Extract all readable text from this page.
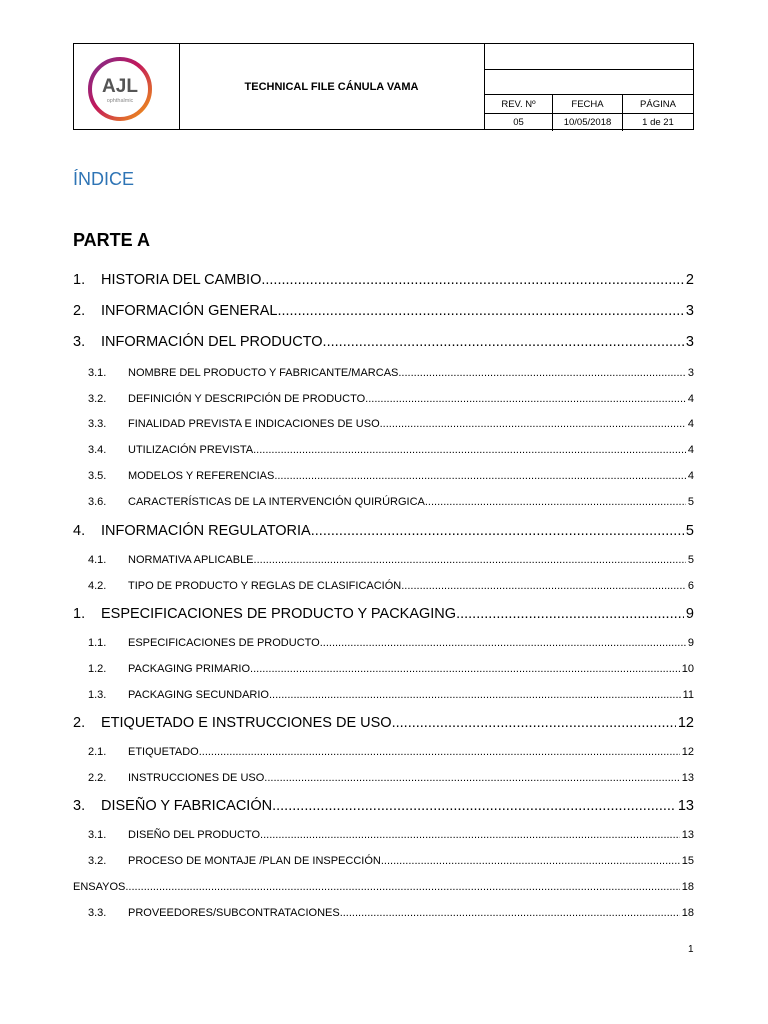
AJL
ophthalmic
TECHNICAL FILE CÁNULA VAMA
REV. Nº	FECHA	PÁGINA
05	10/05/2018	1 de 21
ÍNDICE
PARTE A
1.	HISTORIA DEL CAMBIO .....	2
2.	INFORMACIÓN GENERAL .....	3
3.	INFORMACIÓN DEL PRODUCTO .....	3
3.1.	NOMBRE DEL PRODUCTO Y FABRICANTE/MARCAS .....	3
3.2.	DEFINICIÓN Y DESCRIPCIÓN DE PRODUCTO .....	4
3.3.	FINALIDAD PREVISTA E INDICACIONES DE USO .....	4
3.4.	UTILIZACIÓN PREVISTA .....	4
3.5.	MODELOS Y REFERENCIAS .....	4
3.6.	CARACTERÍSTICAS DE LA INTERVENCIÓN QUIRÚRGICA .....	5
4.	INFORMACIÓN REGULATORIA .....	5
4.1.	NORMATIVA APLICABLE .....	5
4.2.	TIPO DE PRODUCTO Y REGLAS DE CLASIFICACIÓN .....	6
1.	ESPECIFICACIONES DE PRODUCTO Y PACKAGING .....	9
1.1.	ESPECIFICACIONES DE PRODUCTO .....	9
1.2.	PACKAGING PRIMARIO .....	10
1.3.	PACKAGING SECUNDARIO .....	11
2.	ETIQUETADO E INSTRUCCIONES DE USO .....	12
2.1.	ETIQUETADO .....	12
2.2.	INSTRUCCIONES DE USO .....	13
3.	DISEÑO Y FABRICACIÓN .....	13
3.1.	DISEÑO DEL PRODUCTO .....	13
3.2.	PROCESO DE MONTAJE /PLAN DE INSPECCIÓN .....	15
ENSAYOS .....	18
3.3.	PROVEEDORES/SUBCONTRATACIONES .....	18
1
